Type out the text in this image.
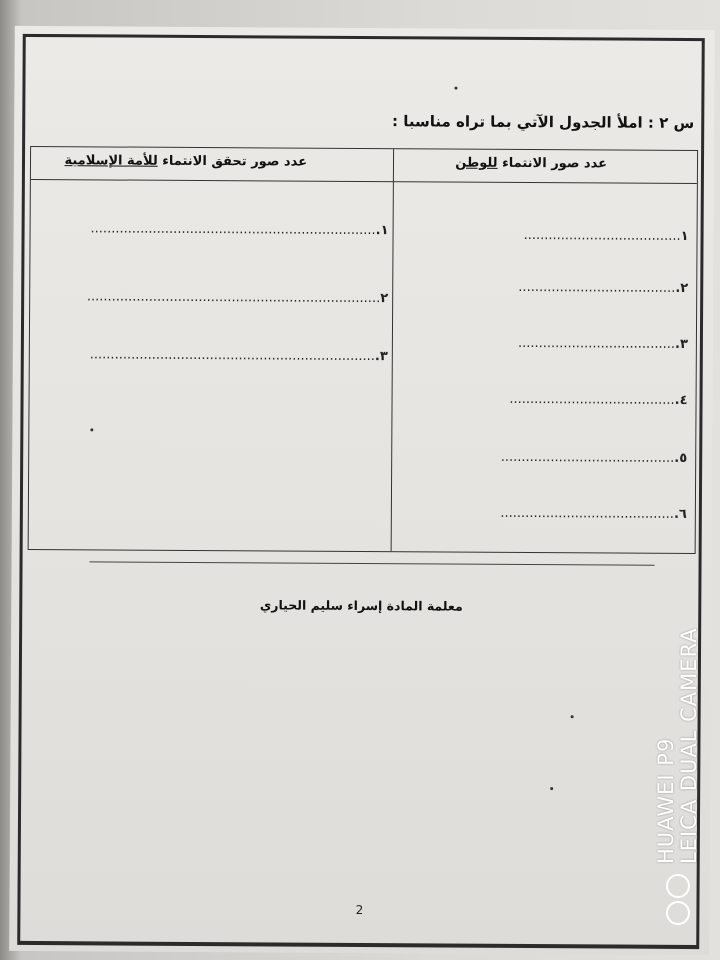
س ٢ : املأ الجدول الآتي بما تراه مناسبا :
عدد صور الانتماء للوطن
عدد صور تحقق الانتماء للأمة الإسلامية
١......................................
٢.......................................
٣.......................................
٤.........................................
٥...........................................
٦...........................................
١......................................................................
٢.......................................................................
٣......................................................................
معلمة المادة إسراء سليم الحياري
2
HUAWEI P9 LEICA DUAL CAMERA
